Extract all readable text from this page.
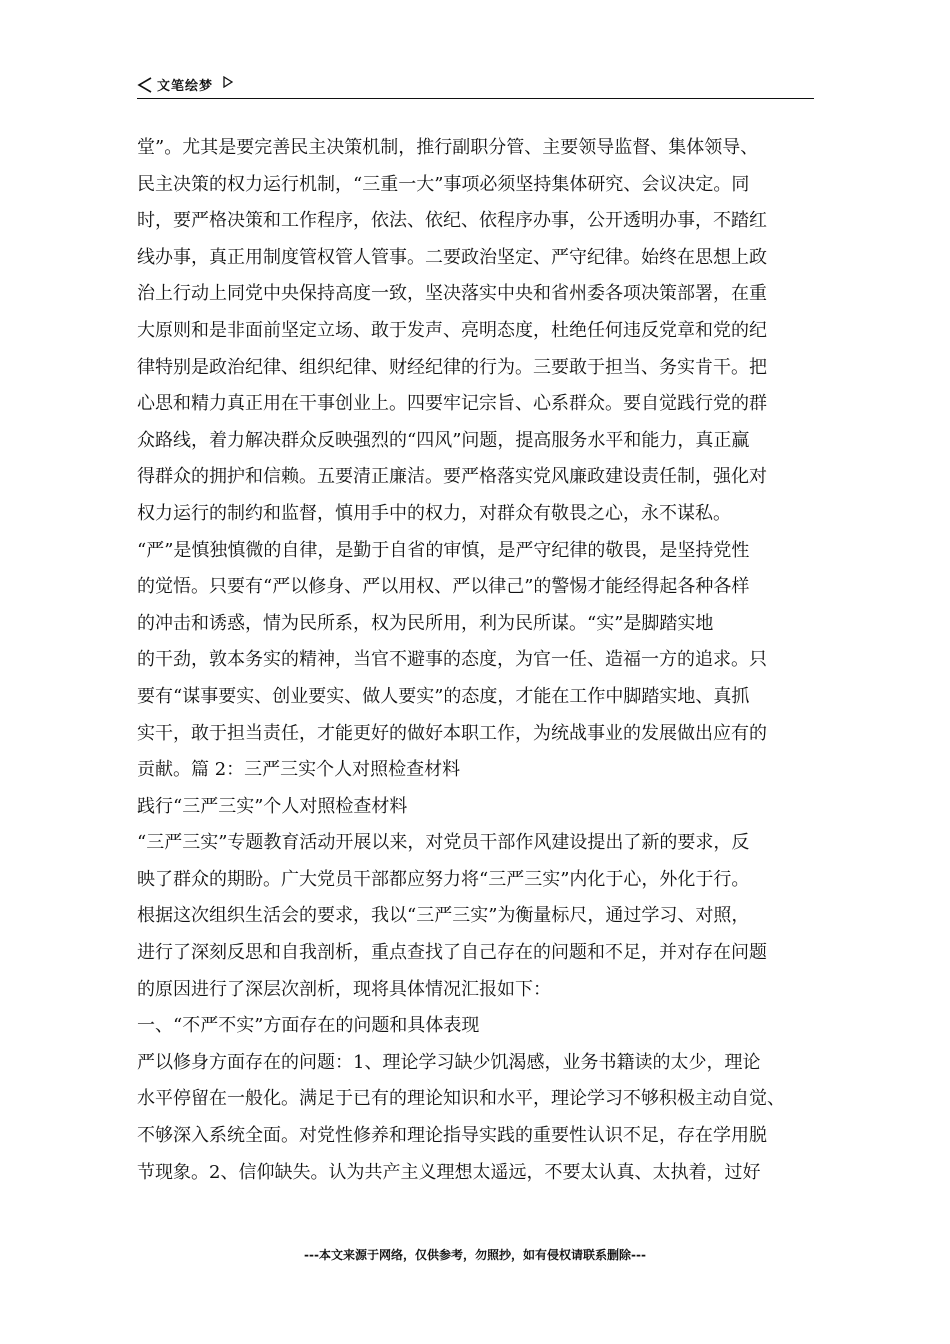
文笔绘梦
堂”。尤其是要完善民主决策机制，推行副职分管、主要领导监督、集体领导、
民主决策的权力运行机制，“三重一大”事项必须坚持集体研究、会议决定。同
时，要严格决策和工作程序，依法、依纪、依程序办事，公开透明办事，不踏红
线办事，真正用制度管权管人管事。二要政治坚定、严守纪律。始终在思想上政
治上行动上同党中央保持高度一致，坚决落实中央和省州委各项决策部署，在重
大原则和是非面前坚定立场、敢于发声、亮明态度，杜绝任何违反党章和党的纪
律特别是政治纪律、组织纪律、财经纪律的行为。三要敢于担当、务实肯干。把
心思和精力真正用在干事创业上。四要牢记宗旨、心系群众。要自觉践行党的群
众路线，着力解决群众反映强烈的“四风”问题，提高服务水平和能力，真正赢
得群众的拥护和信赖。五要清正廉洁。要严格落实党风廉政建设责任制，强化对
权力运行的制约和监督，慎用手中的权力，对群众有敬畏之心，永不谋私。
“严”是慎独慎微的自律，是勤于自省的审慎，是严守纪律的敬畏，是坚持党性
的觉悟。只要有“严以修身、严以用权、严以律己”的警惕才能经得起各种各样
的冲击和诱惑，情为民所系，权为民所用，利为民所谋。“实”是脚踏实地
的干劲，敦本务实的精神，当官不避事的态度，为官一任、造福一方的追求。只
要有“谋事要实、创业要实、做人要实”的态度，才能在工作中脚踏实地、真抓
实干，敢于担当责任，才能更好的做好本职工作，为统战事业的发展做出应有的
贡献。篇 2：三严三实个人对照检查材料
践行“三严三实”个人对照检查材料
“三严三实”专题教育活动开展以来，对党员干部作风建设提出了新的要求，反
映了群众的期盼。广大党员干部都应努力将“三严三实”内化于心，外化于行。
根据这次组织生活会的要求，我以“三严三实”为衡量标尺，通过学习、对照，
进行了深刻反思和自我剖析，重点查找了自己存在的问题和不足，并对存在问题
的原因进行了深层次剖析，现将具体情况汇报如下：
一、“不严不实”方面存在的问题和具体表现
严以修身方面存在的问题：1、理论学习缺少饥渴感，业务书籍读的太少，理论
水平停留在一般化。满足于已有的理论知识和水平，理论学习不够积极主动自觉、
不够深入系统全面。对党性修养和理论指导实践的重要性认识不足，存在学用脱
节现象。2、信仰缺失。认为共产主义理想太遥远，不要太认真、太执着，过好
---本文来源于网络，仅供参考，勿照抄，如有侵权请联系删除---
